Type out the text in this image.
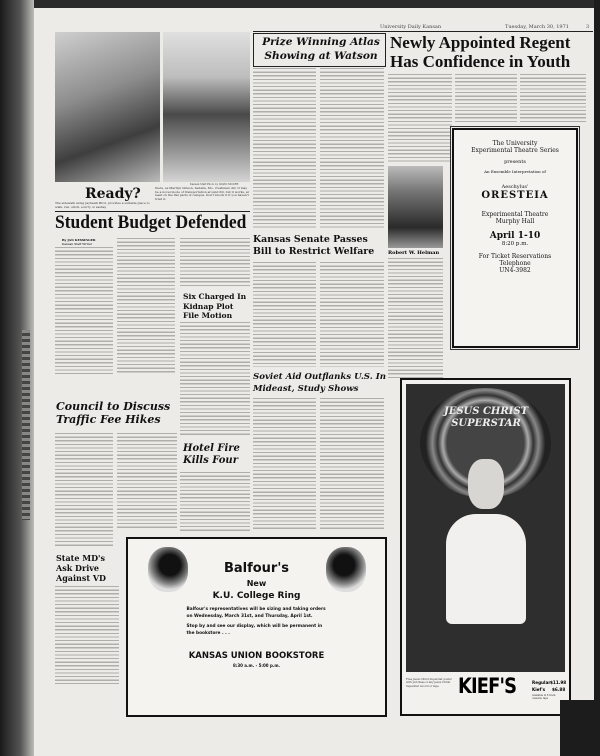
University Daily Kansan	Tuesday, March 30, 1971	3
Kansan Staff Photo by DAVID MOORE
Ready?
The sidewalk along Jayhawk Blvd. provides a suitable place to walk, run, stroll, scurry or sashay
there, as Marilyn Gibson, Sedalia, Mo., freshman did. It may be a novel mode of transportation around KU, but it works, at least on the flat parts of campus. Don't knock it if you haven't tried it.
Student Budget Defended
By JAN KESSINGER
Kansan Staff Writer
Six Charged In Kidnap Plot File Motion
Council to Discuss Traffic Fee Hikes
Hotel Fire Kills Four
State MD's Ask Drive Against VD
Balfour's
New
K.U. College Ring
Balfour's representatives will be sizing and taking orders on Wednesday, March 31st, and Thursday, April 1st.
Stop by and see our display, which will be permanent in the bookstore . . .
KANSAS UNION BOOKSTORE
8:30 a.m. - 5:00 p.m.
Prize Winning Atlas Showing at Watson
Newly Appointed Regent Has Confidence in Youth
Robert W. Helman
The University
Experimental Theatre Series
presents
An Ensemble Interpretation of
Aeschylus'
ORESTEIA
Experimental Theatre
Murphy Hall
April 1-10
8:20 p.m.
For Ticket Reservations
Telephone
UN4-3982
Kansas Senate Passes Bill to Restrict Welfare
Soviet Aid Outflanks U.S. In Mideast, Study Shows
JESUS CHRIST SUPERSTAR
Free Jesus Christ Superstar poster with purchase of any Jesus Christ Superstar record or tape KIEF'S	Regular $11.98
Kief's $6.88
Available in 8 track cassette tape
